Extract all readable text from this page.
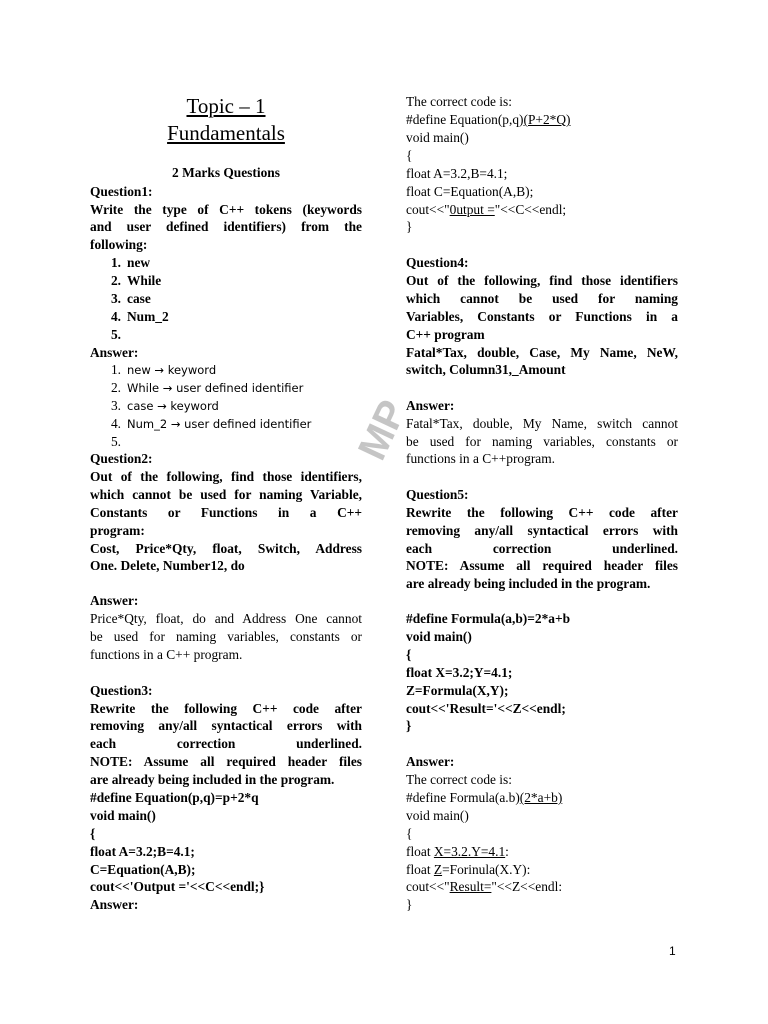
Topic – 1
Fundamentals
2 Marks Questions
Question1:
Write the type of C++ tokens (keywords
and user defined identifiers) from the
following:
1. new
2. While
3. case
4. Num_2
5.
Answer:
1. new → keyword
2. While → user defined identifier
3. case → keyword
4. Num_2 → user defined identifier
5.
Question2:
Out of the following, find those identifiers,
which cannot be used for naming Variable,
Constants or Functions in a C++
program:
Cost, Price*Qty, float, Switch, Address
One. Delete, Number12, do
Answer:
Price*Qty, float, do and Address One cannot
be used for naming variables, constants or
functions in a C++ program.
Question3:
Rewrite the following C++ code after
removing any/all syntactical errors with
each correction underlined.
NOTE: Assume all required header files
are already being included in the program.
#define Equation(p,q)=p+2*q
void main()
{
float A=3.2;B=4.1;
C=Equation(A,B);
cout<<'Output ='<<C<<endl;}
Answer:
The correct code is:
#define Equation(p,q)(P+2*Q)
void main()
{
float A=3.2,B=4.1;
float C=Equation(A,B);
cout<<"0utput ="<<C<<endl;
}
Question4:
Out of the following, find those identifiers
which cannot be used for naming
Variables, Constants or Functions in a
C++ program
Fatal*Tax, double, Case, My Name, NeW,
switch, Column31,_Amount
Answer:
Fatal*Tax, double, My Name, switch cannot
be used for naming variables, constants or
functions in a C++program.
Question5:
Rewrite the following C++ code after
removing any/all syntactical errors with
each correction underlined.
NOTE: Assume all required header files
are already being included in the program.
#define Formula(a,b)=2*a+b
void main()
{
float X=3.2;Y=4.1;
Z=Formula(X,Y);
cout<<'Result='<<Z<<endl;
}
Answer:
The correct code is:
#define Formula(a.b)(2*a+b)
void main()
{
float X=3.2.Y=4.1:
float Z=Forinula(X.Y):
cout<<"Result="<<Z<<endl:
}
MP
1
